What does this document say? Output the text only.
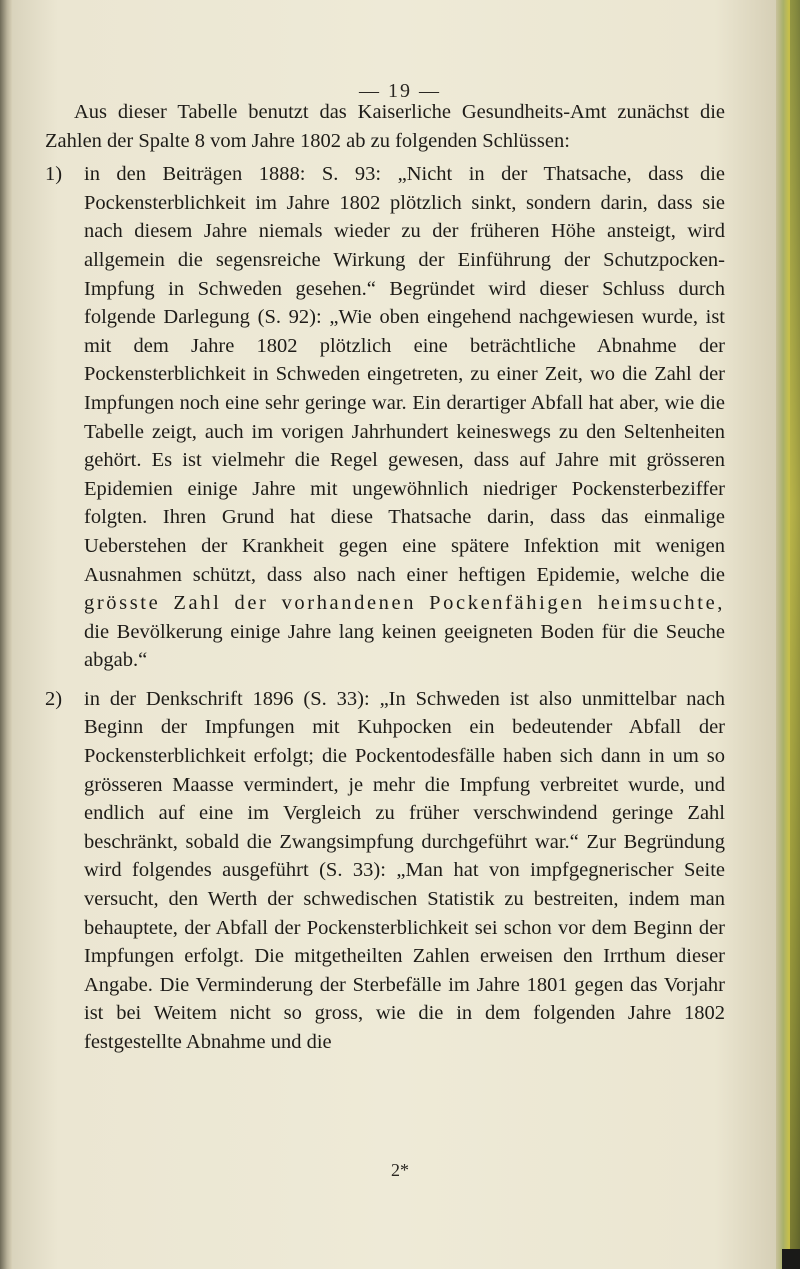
— 19 —

Aus dieser Tabelle benutzt das Kaiserliche Gesundheits-Amt zunächst die Zahlen der Spalte 8 vom Jahre 1802 ab zu folgenden Schlüssen:

1)	in den Beiträgen 1888: S. 93: „Nicht in der Thatsache, dass die Pockensterblichkeit im Jahre 1802 plötzlich sinkt, sondern darin, dass sie nach diesem Jahre niemals wieder zu der früheren Höhe ansteigt, wird allgemein die segensreiche Wirkung der Einführung der Schutzpocken-Impfung in Schweden gesehen.“ Begründet wird dieser Schluss durch folgende Darlegung (S. 92): „Wie oben eingehend nachgewiesen wurde, ist mit dem Jahre 1802 plötzlich eine beträchtliche Abnahme der Pockensterblichkeit in Schweden eingetreten, zu einer Zeit, wo die Zahl der Impfungen noch eine sehr geringe war. Ein derartiger Abfall hat aber, wie die Tabelle zeigt, auch im vorigen Jahrhundert keineswegs zu den Seltenheiten gehört. Es ist vielmehr die Regel gewesen, dass auf Jahre mit grösseren Epidemien einige Jahre mit ungewöhnlich niedriger Pockensterbeziffer folgten. Ihren Grund hat diese Thatsache darin, dass das einmalige Ueberstehen der Krankheit gegen eine spätere Infektion mit wenigen Ausnahmen schützt, dass also nach einer heftigen Epidemie, welche die grösste Zahl der vorhandenen Pockenfähigen heimsuchte, die Bevölkerung einige Jahre lang keinen geeigneten Boden für die Seuche abgab.“

2)	in der Denkschrift 1896 (S. 33): „In Schweden ist also unmittelbar nach Beginn der Impfungen mit Kuhpocken ein bedeutender Abfall der Pockensterblichkeit erfolgt; die Pockentodesfälle haben sich dann in um so grösseren Maasse vermindert, je mehr die Impfung verbreitet wurde, und endlich auf eine im Vergleich zu früher verschwindend geringe Zahl beschränkt, sobald die Zwangsimpfung durchgeführt war.“ Zur Begründung wird folgendes ausgeführt (S. 33): „Man hat von impfgegnerischer Seite versucht, den Werth der schwedischen Statistik zu bestreiten, indem man behauptete, der Abfall der Pockensterblichkeit sei schon vor dem Beginn der Impfungen erfolgt. Die mitgetheilten Zahlen erweisen den Irrthum dieser Angabe. Die Verminderung der Sterbefälle im Jahre 1801 gegen das Vorjahr ist bei Weitem nicht so gross, wie die in dem folgenden Jahre 1802 festgestellte Abnahme und die

2*
